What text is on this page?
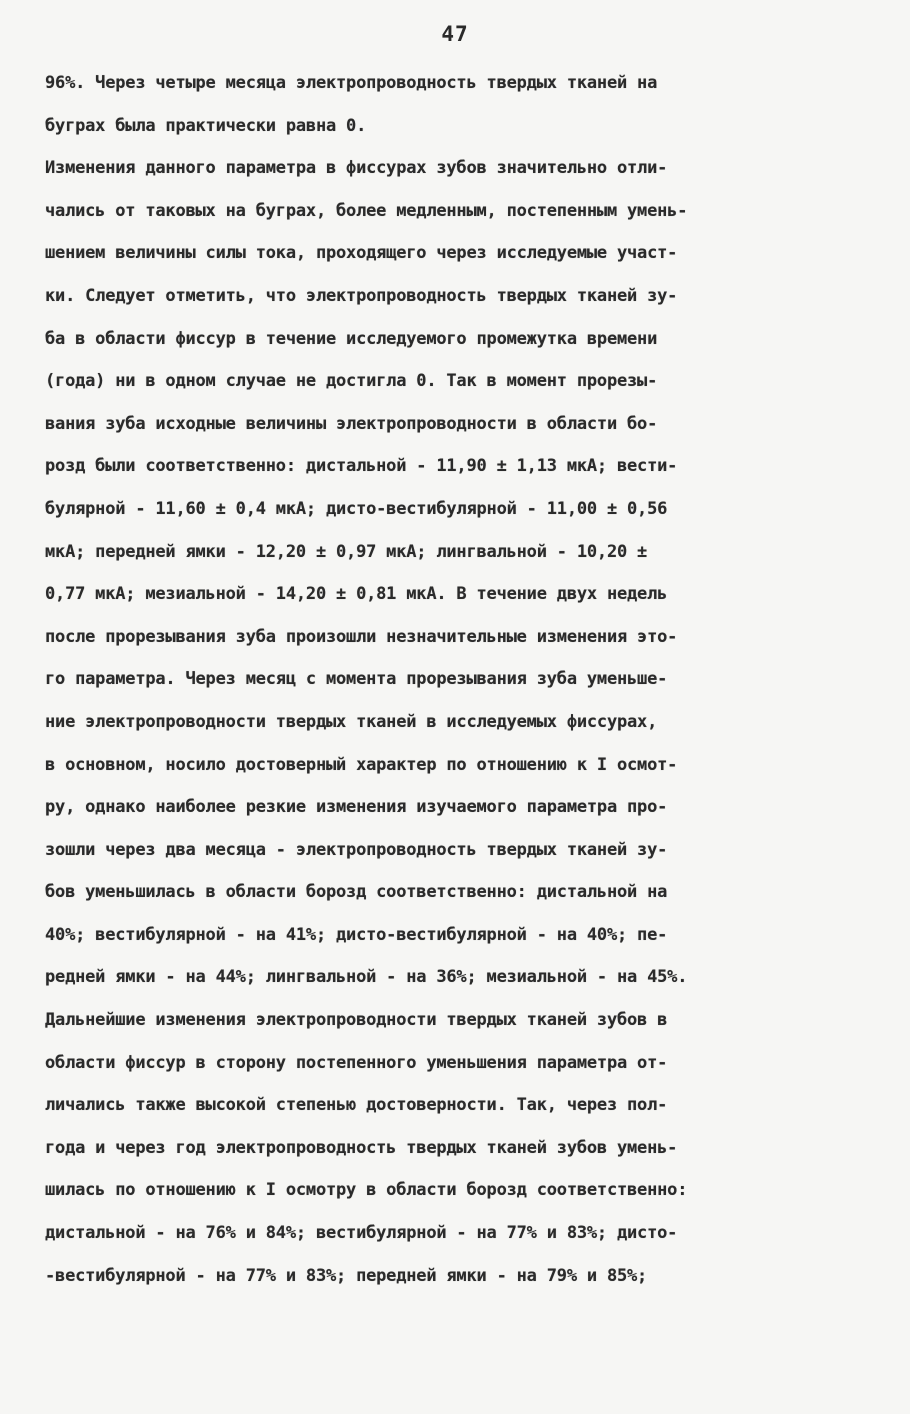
47
96%. Через четыре месяца электропроводность твердых тканей на
буграх была практически равна 0.
Изменения данного параметра в фиссурах зубов значительно отли-
чались от таковых на буграх, более медленным, постепенным умень-
шением величины силы тока, проходящего через исследуемые участ-
ки. Следует отметить, что электропроводность твердых тканей зу-
ба в области фиссур в течение исследуемого промежутка времени
(года) ни в одном случае не достигла 0. Так в момент прорезы-
вания зуба исходные величины электропроводности в области бо-
розд были соответственно: дистальной - 11,90 ± 1,13 мкА; вести-
булярной - 11,60 ± 0,4 мкА; дисто-вестибулярной - 11,00 ± 0,56
мкА; передней ямки - 12,20 ± 0,97 мкА; лингвальной - 10,20 ±
0,77 мкА; мезиальной - 14,20 ± 0,81 мкА. В течение двух недель
после прорезывания зуба произошли незначительные изменения это-
го параметра. Через месяц с момента прорезывания зуба уменьше-
ние электропроводности твердых тканей в исследуемых фиссурах,
в основном, носило достоверный характер по отношению к I осмот-
ру, однако наиболее резкие изменения изучаемого параметра про-
зошли через два месяца - электропроводность твердых тканей зу-
бов уменьшилась в области борозд соответственно: дистальной на
40%; вестибулярной - на 41%; дисто-вестибулярной - на 40%; пе-
редней ямки - на 44%; лингвальной - на 36%; мезиальной - на 45%.
Дальнейшие изменения электропроводности твердых тканей зубов в
области фиссур в сторону постепенного уменьшения параметра от-
личались также высокой степенью достоверности. Так, через пол-
года и через год электропроводность твердых тканей зубов умень-
шилась по отношению к I осмотру в области борозд соответственно:
дистальной - на 76% и 84%; вестибулярной - на 77% и 83%; дисто-
-вестибулярной - на 77% и 83%; передней ямки - на 79% и 85%;
